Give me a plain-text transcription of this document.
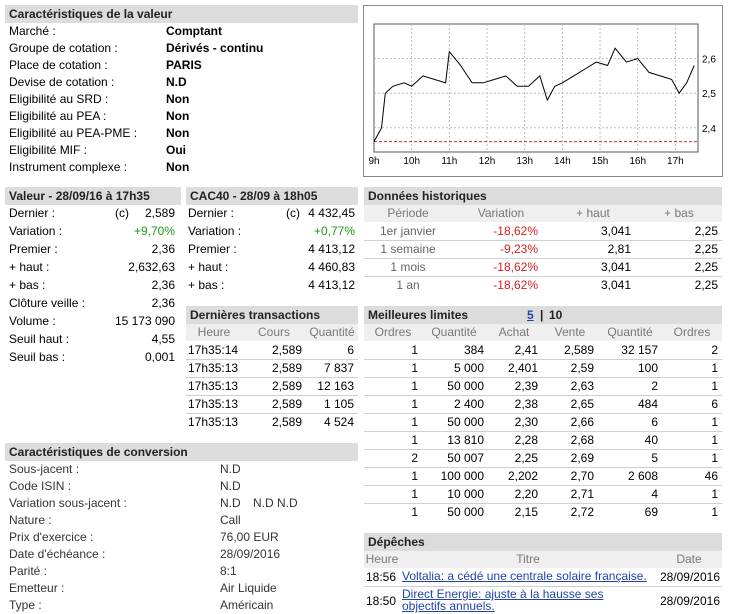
Caractéristiques de la valeur
Marché :	Comptant
Groupe de cotation :	Dérivés - continu
Place de cotation :	PARIS
Devise de cotation :	N.D
Eligibilité au SRD :	Non
Eligibilité au PEA :	Non
Eligibilité au PEA-PME : Non
Eligibilité MIF :	Oui
Instrument complexe :	Non	9h 10h 11h 12h 13h 14h 15h 16h 17h
2,4
2,5
2,6
Valeur - 28/09/16 à 17h35
Dernier :	(c) 2,589
Variation :	+9,70%
Premier :	2,36
+ haut :	2,632,63
+ bas :	2,36
Clôture veille :	2,36
Volume :	15 173 090
Seuil haut :	4,55
Seuil bas :	0,001
CAC40 - 28/09 à 18h05
Dernier :	(c) 4 432,45
Variation :	+0,77%
Premier :	4 413,12
+ haut :	4 460,83
+ bas :	4 413,12
Données historiques
Période	Variation	+ haut	+ bas
1er janvier	-18,62%	3,041	2,25
1 semaine	-9,23%	2,81	2,25
1 mois	-18,62%	3,041	2,25
1 an	-18,62%	3,041	2,25
Dernières transactions
Heure	Cours	Quantité
17h35:14	2,589	6
17h35:13	2,589	7 837
17h35:13	2,589	12 163
17h35:13	2,589	1 105
17h35:13	2,589	4 524
Meilleures limites	5 | 10
Ordres	Quantité	Achat	Vente	Quantité	Ordres
1	384	2,41	2,589	32 157	2
1	5 000	2,401	2,59	100	1
1	50 000	2,39	2,63	2	1
1	2 400	2,38	2,65	484	6
1	50 000	2,30	2,66	6	1
1	13 810	2,28	2,68	40	1
2	50 007	2,25	2,69	5	1
1	100 000	2,202	2,70	2 608	46
1	10 000	2,20	2,71	4	1
1	50 000	2,15	2,72	69	1
Caractéristiques de conversion
Sous-jacent :	N.D
Code ISIN :	N.D
Variation sous-jacent :	N.D N.D N.D
Nature :	Call
Prix d'exercice :	76,00 EUR
Date d'échéance :	28/09/2016
Parité :	8:1
Emetteur :	Air Liquide
Type :	Américain
Dépêches
Heure	Titre	Date
18:56 Voltalia: a cédé une centrale solaire française.	28/09/2016
18:50 Direct Energie: ajuste à la hausse ses
objectifs annuels.	28/09/2016
